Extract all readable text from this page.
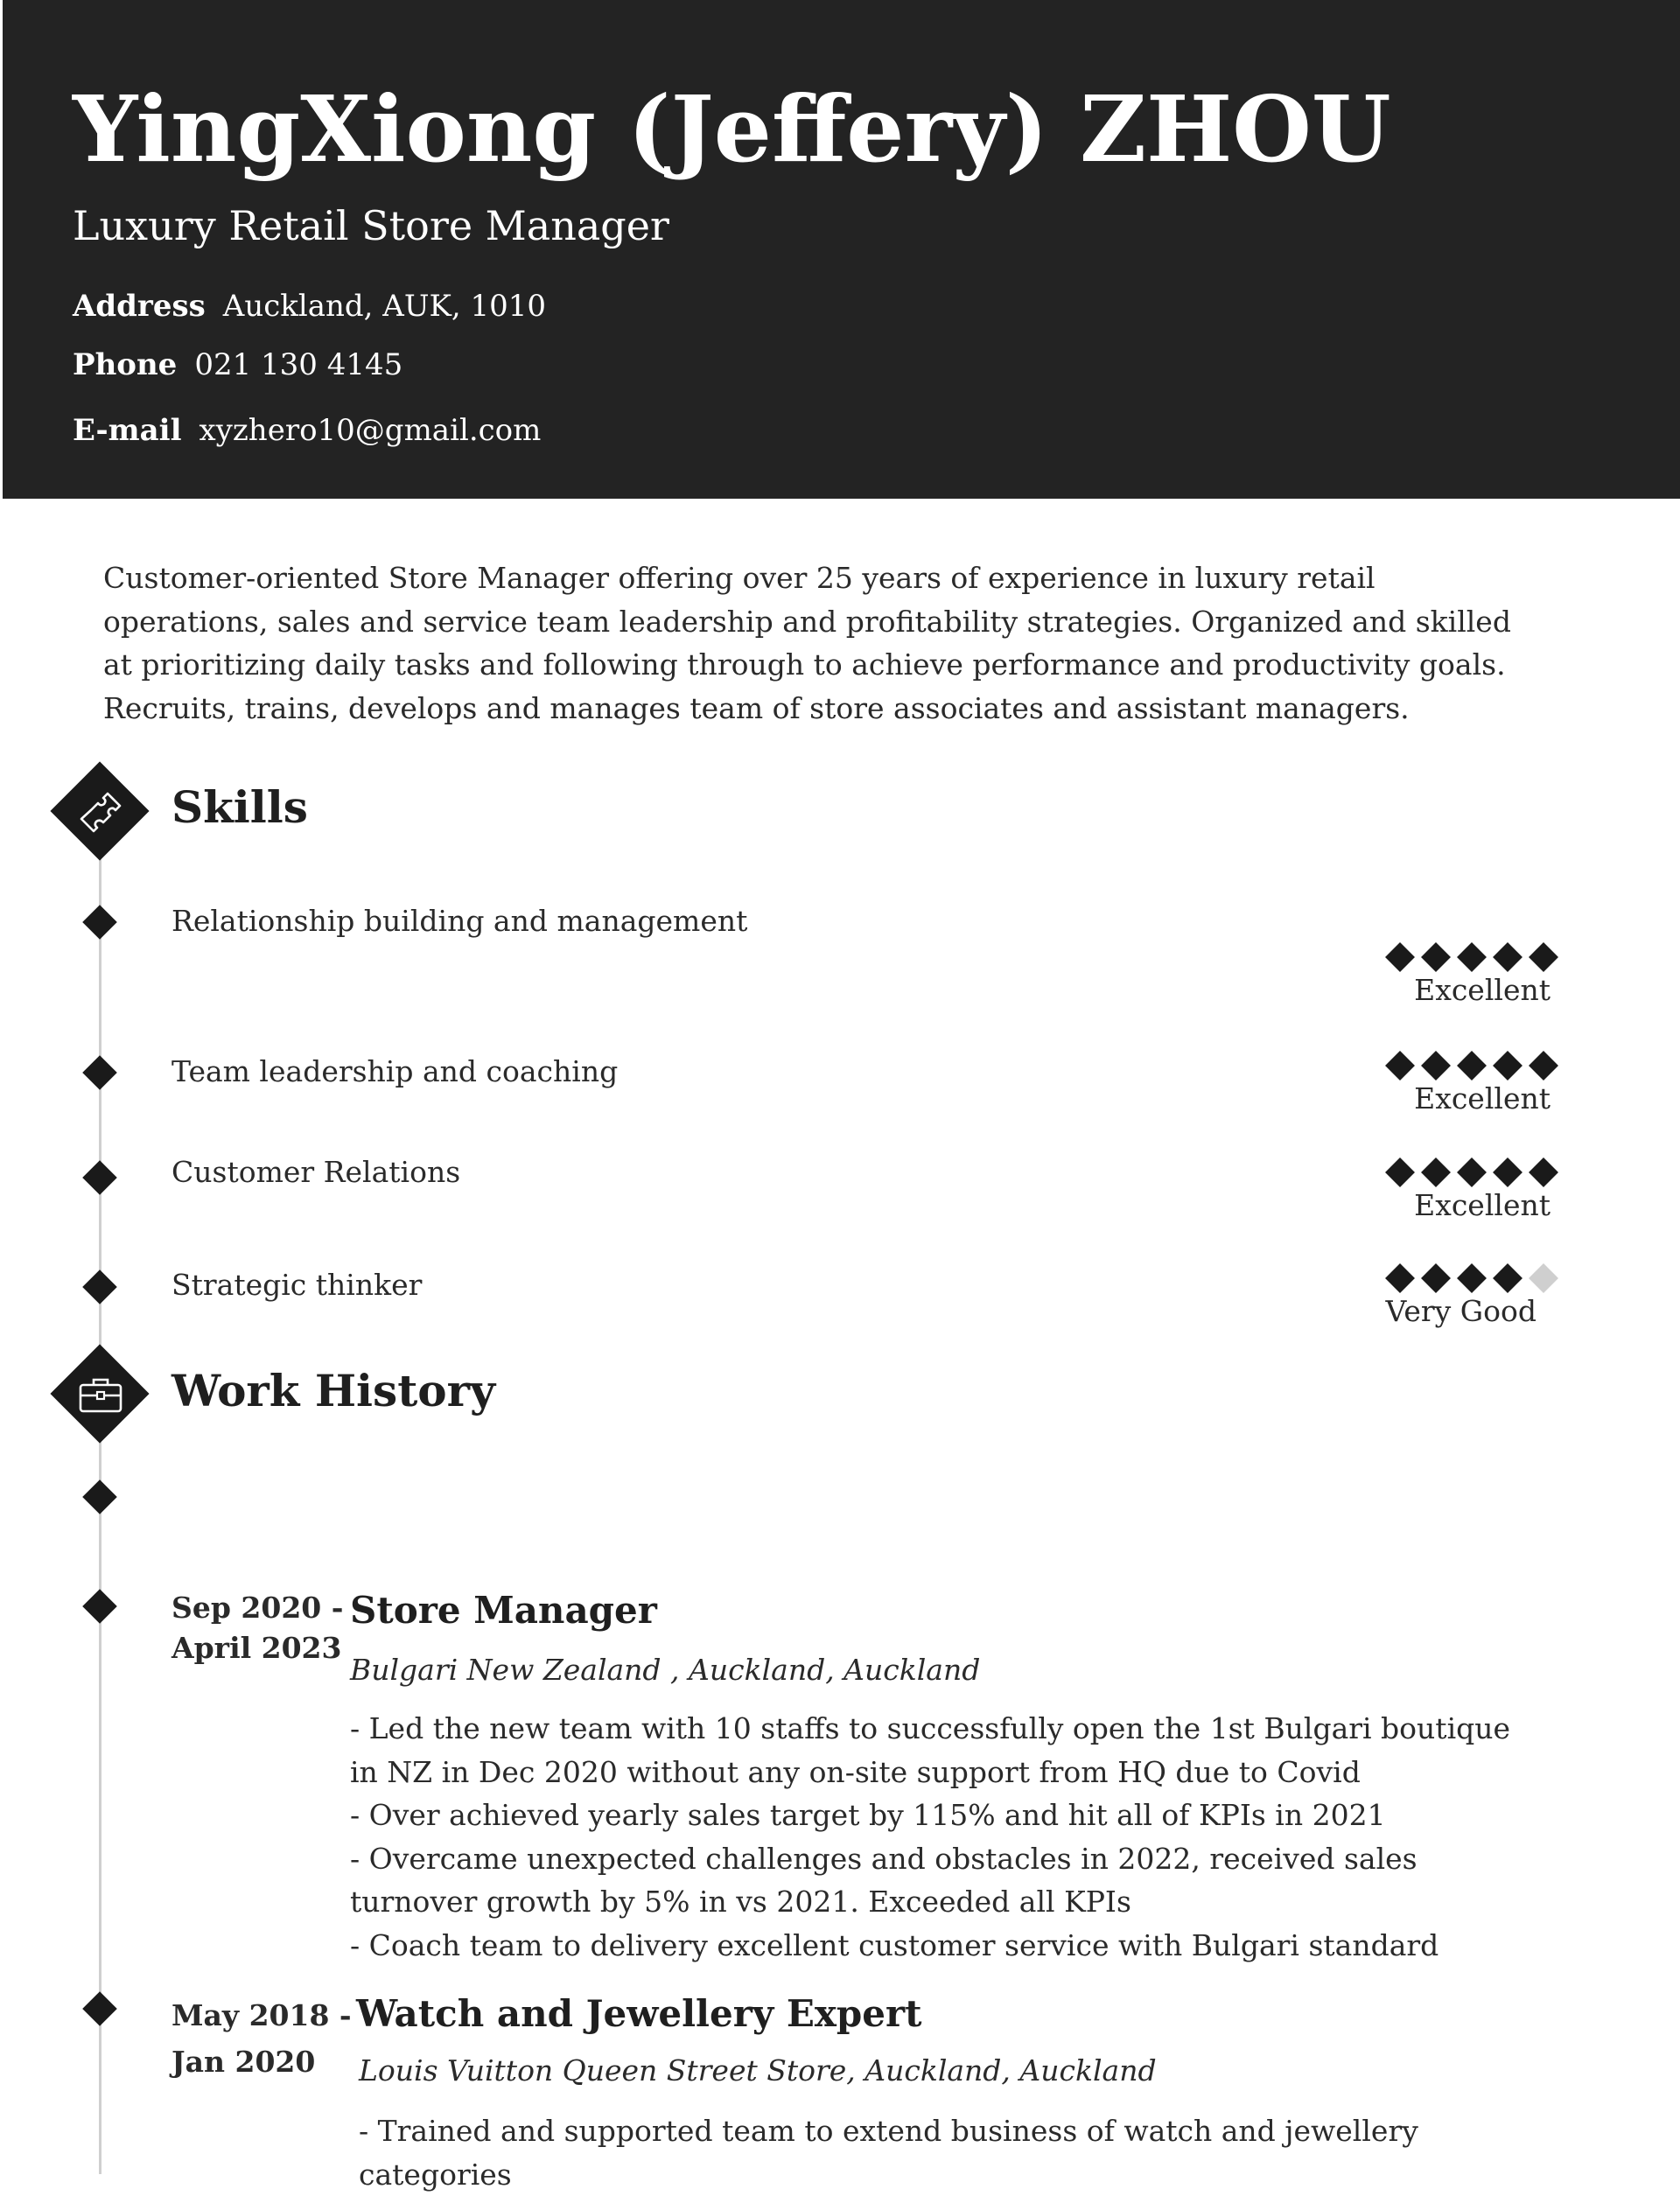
YingXiong (Jeffery) ZHOU
Luxury Retail Store Manager
Address Auckland, AUK, 1010
Phone 021 130 4145
E-mail xyzhero10@gmail.com
Customer-oriented Store Manager offering over 25 years of experience in luxury retail operations, sales and service team leadership and profitability strategies. Organized and skilled at prioritizing daily tasks and following through to achieve performance and productivity goals. Recruits, trains, develops and manages team of store associates and assistant managers.
Skills
Relationship building and management
Excellent
Team leadership and coaching
Excellent
Customer Relations
Excellent
Strategic thinker
Very Good
Work History
Sep 2020 -
April 2023
Store Manager
Bulgari New Zealand , Auckland, Auckland
- Led the new team with 10 staffs to successfully open the 1st Bulgari boutique in NZ in Dec 2020 without any on-site support from HQ due to Covid
- Over achieved yearly sales target by 115% and hit all of KPIs in 2021
- Overcame unexpected challenges and obstacles in 2022, received sales turnover growth by 5% in vs 2021. Exceeded all KPIs
- Coach team to delivery excellent customer service with Bulgari standard
May 2018 -
Jan 2020
Watch and Jewellery Expert
Louis Vuitton Queen Street Store, Auckland, Auckland
- Trained and supported team to extend business of watch and jewellery categories
